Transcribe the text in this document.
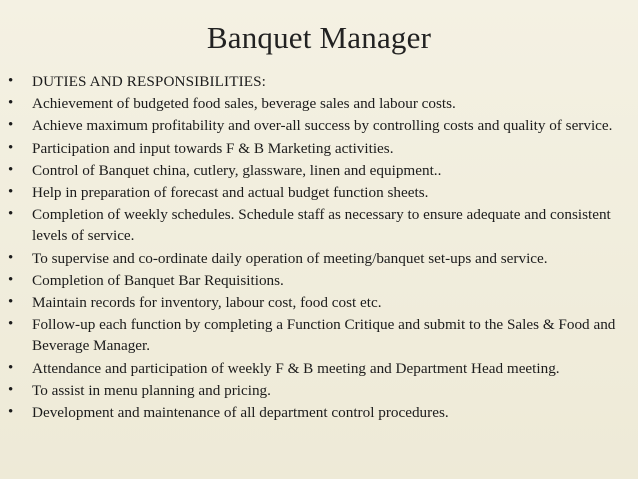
Banquet Manager
• DUTIES AND RESPONSIBILITIES:
• Achievement of budgeted food sales, beverage sales and labour costs.
• Achieve maximum profitability and over-all success by controlling costs and quality of service.
• Participation and input towards F & B Marketing activities.
• Control of Banquet china, cutlery, glassware, linen and equipment..
• Help in preparation of forecast and actual budget function sheets.
• Completion of weekly schedules. Schedule staff as necessary to ensure adequate and consistent levels of service.
• To supervise and co-ordinate daily operation of meeting/banquet set-ups and service.
• Completion of Banquet Bar Requisitions.
• Maintain records for inventory, labour cost, food cost etc.
• Follow-up each function by completing a Function Critique and submit to the Sales & Food and Beverage Manager.
• Attendance and participation of weekly F & B meeting and Department Head meeting.
• To assist in menu planning and pricing.
• Development and maintenance of all department control procedures.
